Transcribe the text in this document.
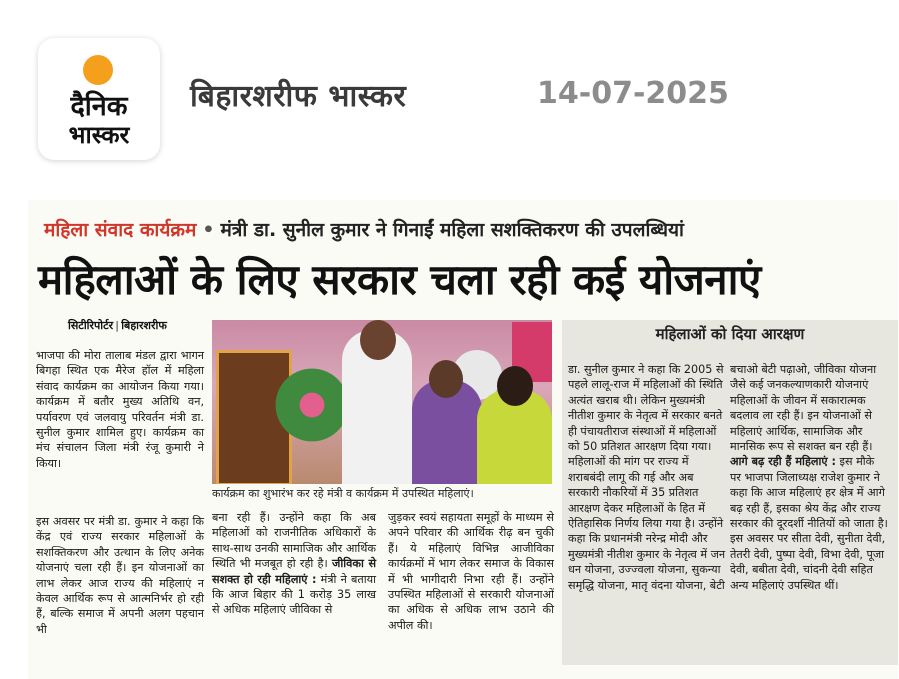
दैनिक
भास्कर
बिहारशरीफ भास्कर	14-07-2025
महिला संवाद कार्यक्रम • मंत्री डा. सुनील कुमार ने गिनाईं महिला सशक्तिकरण की उपलब्धियां
महिलाओं के लिए सरकार चला रही कई योजनाएं
सिटीरिपोर्टर | बिहारशरीफ

भाजपा की मोरा तालाब मंडल द्वारा भागन बिगहा स्थित एक मैरेज हॉल में महिला संवाद कार्यक्रम का आयोजन किया गया। कार्यक्रम में बतौर मुख्य अतिथि वन, पर्यावरण एवं जलवायु परिवर्तन मंत्री डा. सुनील कुमार शामिल हुए। कार्यक्रम का मंच संचालन जिला मंत्री रंजू कुमारी ने किया।

इस अवसर पर मंत्री डा. कुमार ने कहा कि केंद्र एवं राज्य सरकार महिलाओं के सशक्तिकरण और उत्थान के लिए अनेक योजनाएं चला रही हैं। इन योजनाओं का लाभ लेकर आज राज्य की महिलाएं न केवल आर्थिक रूप से आत्मनिर्भर हो रही हैं, बल्कि समाज में अपनी अलग पहचान भी

कार्यक्रम का शुभारंभ कर रहे मंत्री व कार्यक्रम में उपस्थित महिलाएं।

बना रही हैं। उन्होंने कहा कि अब महिलाओं को राजनीतिक अधिकारों के साथ-साथ उनकी सामाजिक और आर्थिक स्थिति भी मजबूत हो रही है। जीविका से सशक्त हो रही महिलाएं : मंत्री ने बताया कि आज बिहार की 1 करोड़ 35 लाख से अधिक महिलाएं जीविका से

जुड़कर स्वयं सहायता समूहों के माध्यम से अपने परिवार की आर्थिक रीढ़ बन चुकी हैं। ये महिलाएं विभिन्न आजीविका कार्यक्रमों में भाग लेकर समाज के विकास में भी भागीदारी निभा रही हैं। उन्होंने उपस्थित महिलाओं से सरकारी योजनाओं का अधिक से अधिक लाभ उठाने की अपील की।

महिलाओं को दिया आरक्षण

डा. सुनील कुमार ने कहा कि 2005 से पहले लालू-राज में महिलाओं की स्थिति अत्यंत खराब थी। लेकिन मुख्यमंत्री नीतीश कुमार के नेतृत्व में सरकार बनते ही पंचायतीराज संस्थाओं में महिलाओं को 50 प्रतिशत आरक्षण दिया गया। महिलाओं की मांग पर राज्य में शराबबंदी लागू की गई और अब सरकारी नौकरियों में 35 प्रतिशत आरक्षण देकर महिलाओं के हित में ऐतिहासिक निर्णय लिया गया है। उन्होंने कहा कि प्रधानमंत्री नरेन्द्र मोदी और मुख्यमंत्री नीतीश कुमार के नेतृत्व में जन धन योजना, उज्ज्वला योजना, सुकन्या समृद्धि योजना, मातृ वंदना योजना, बेटी

बचाओ बेटी पढ़ाओ, जीविका योजना जैसे कई जनकल्याणकारी योजनाएं महिलाओं के जीवन में सकारात्मक बदलाव ला रही हैं। इन योजनाओं से महिलाएं आर्थिक, सामाजिक और मानसिक रूप से सशक्त बन रही हैं। आगे बढ़ रही हैं महिलाएं : इस मौके पर भाजपा जिलाध्यक्ष राजेश कुमार ने कहा कि आज महिलाएं हर क्षेत्र में आगे बढ़ रही हैं, इसका श्रेय केंद्र और राज्य सरकार की दूरदर्शी नीतियों को जाता है। इस अवसर पर सीता देवी, सुनीता देवी, तेतरी देवी, पुष्पा देवी, विभा देवी, पूजा देवी, बबीता देवी, चांदनी देवी सहित अन्य महिलाएं उपस्थित थीं।
